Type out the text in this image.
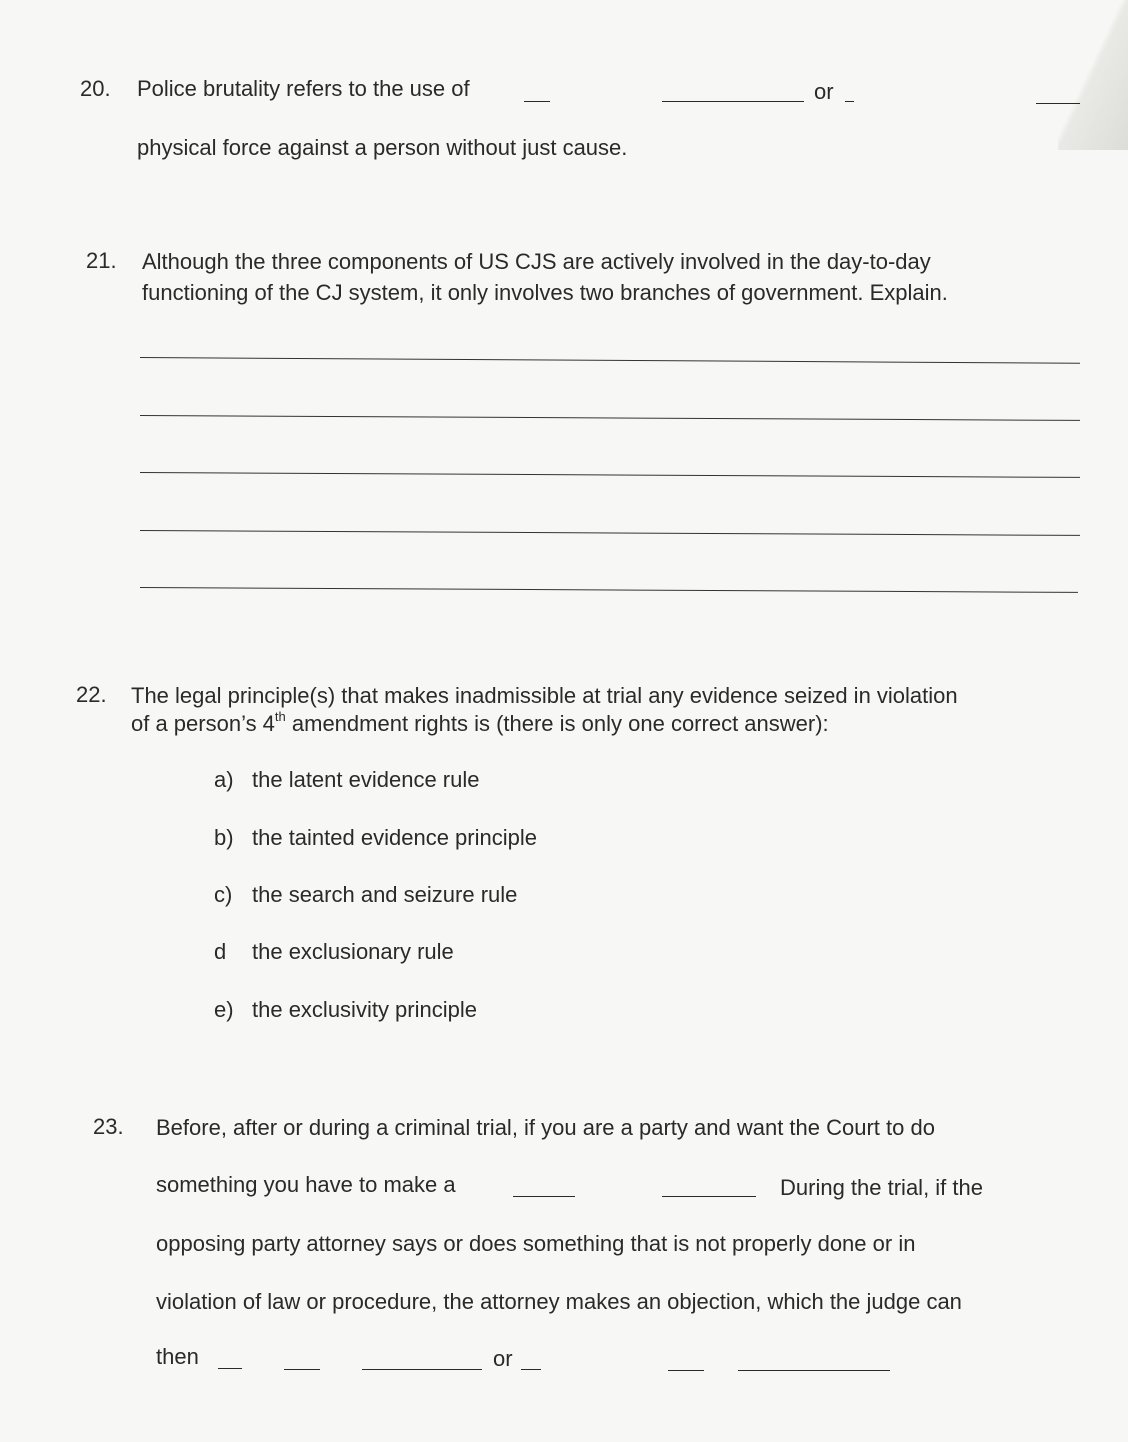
20. Police brutality refers to the use of	or
physical force against a person without just cause.
21. Although the three components of US CJS are actively involved in the day-to-day
functioning of the CJ system, it only involves two branches of government. Explain.
22. The legal principle(s) that makes inadmissible at trial any evidence seized in violation
of a person’s 4th amendment rights is (there is only one correct answer):
a) the latent evidence rule
b) the tainted evidence principle
c) the search and seizure rule
d the exclusionary rule
e) the exclusivity principle
23. Before, after or during a criminal trial, if you are a party and want the Court to do
something you have to make a	During the trial, if the
opposing party attorney says or does something that is not properly done or in
violation of law or procedure, the attorney makes an objection, which the judge can
then	or
